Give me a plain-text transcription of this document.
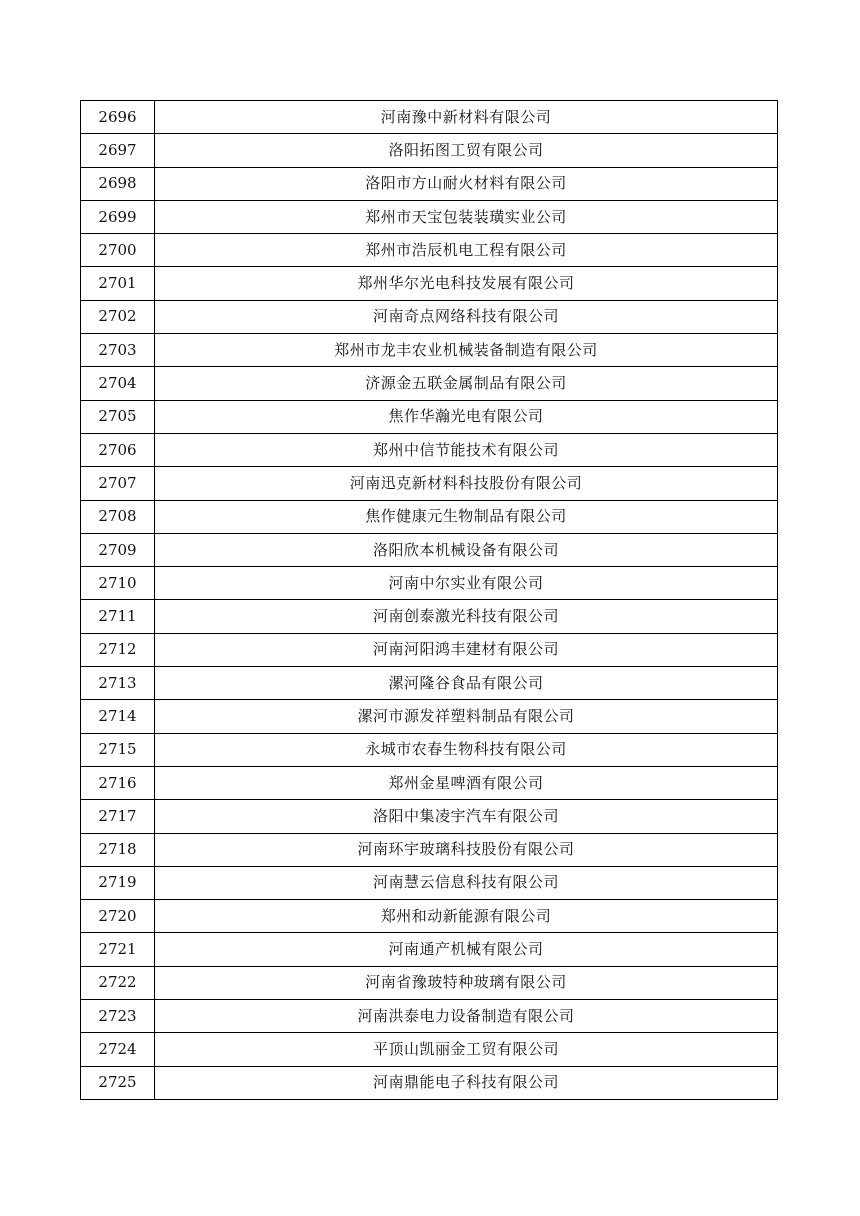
2696	河南豫中新材料有限公司
2697	洛阳拓图工贸有限公司
2698	洛阳市方山耐火材料有限公司
2699	郑州市天宝包装装璜实业公司
2700	郑州市浩辰机电工程有限公司
2701	郑州华尔光电科技发展有限公司
2702	河南奇点网络科技有限公司
2703	郑州市龙丰农业机械装备制造有限公司
2704	济源金五联金属制品有限公司
2705	焦作华瀚光电有限公司
2706	郑州中信节能技术有限公司
2707	河南迅克新材料科技股份有限公司
2708	焦作健康元生物制品有限公司
2709	洛阳欣本机械设备有限公司
2710	河南中尔实业有限公司
2711	河南创泰激光科技有限公司
2712	河南河阳鸿丰建材有限公司
2713	漯河隆谷食品有限公司
2714	漯河市源发祥塑料制品有限公司
2715	永城市农春生物科技有限公司
2716	郑州金星啤酒有限公司
2717	洛阳中集凌宇汽车有限公司
2718	河南环宇玻璃科技股份有限公司
2719	河南慧云信息科技有限公司
2720	郑州和动新能源有限公司
2721	河南通产机械有限公司
2722	河南省豫玻特种玻璃有限公司
2723	河南洪泰电力设备制造有限公司
2724	平顶山凯丽金工贸有限公司
2725	河南鼎能电子科技有限公司
